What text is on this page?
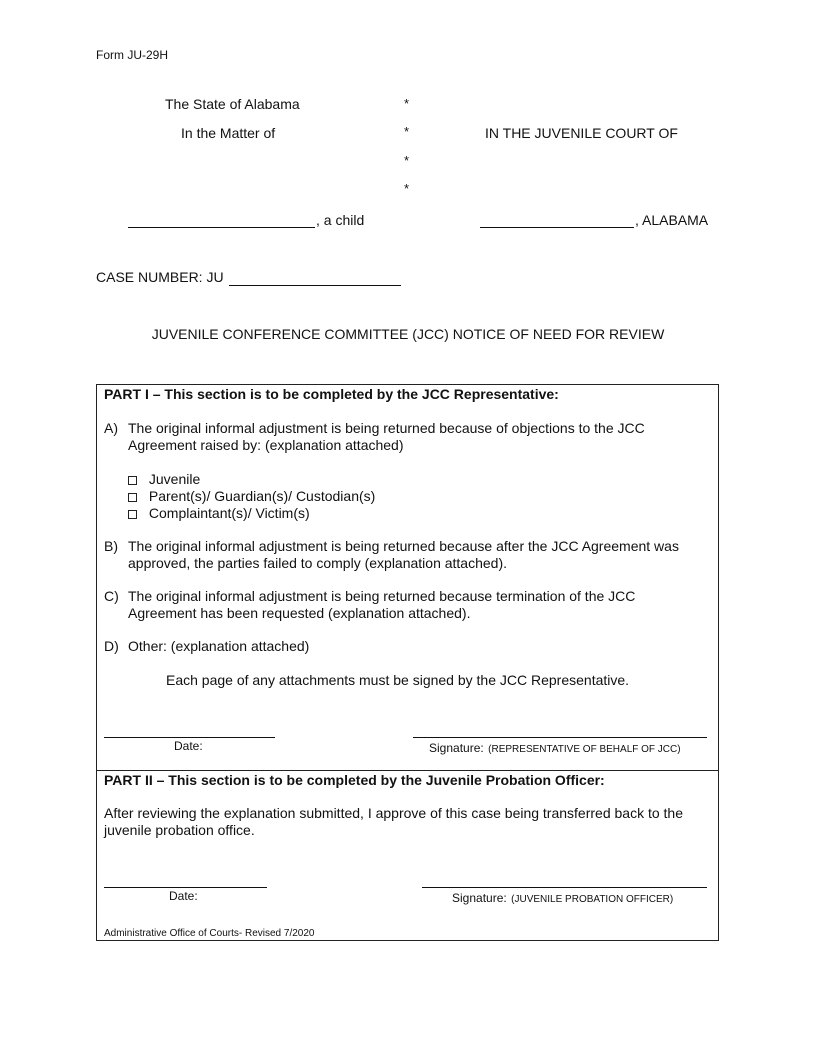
Form JU-29H
The State of Alabama
In the Matter of	IN THE JUVENILE COURT OF
*
*
*
*
, a child	, ALABAMA
CASE NUMBER: JU
JUVENILE CONFERENCE COMMITTEE (JCC) NOTICE OF NEED FOR REVIEW
PART I – This section is to be completed by the JCC Representative:
A) The original informal adjustment is being returned because of objections to the JCC
Agreement raised by: (explanation attached)
Juvenile
Parent(s)/ Guardian(s)/ Custodian(s)
Complaintant(s)/ Victim(s)
B) The original informal adjustment is being returned because after the JCC Agreement was
approved, the parties failed to comply (explanation attached).
C) The original informal adjustment is being returned because termination of the JCC
Agreement has been requested (explanation attached).
D) Other: (explanation attached)
Each page of any attachments must be signed by the JCC Representative.
Date:	Signature: (REPRESENTATIVE OF BEHALF OF JCC)
PART II – This section is to be completed by the Juvenile Probation Officer:
After reviewing the explanation submitted, I approve of this case being transferred back to the
juvenile probation office.
Date:	Signature: (JUVENILE PROBATION OFFICER)
Administrative Office of Courts- Revised 7/2020
